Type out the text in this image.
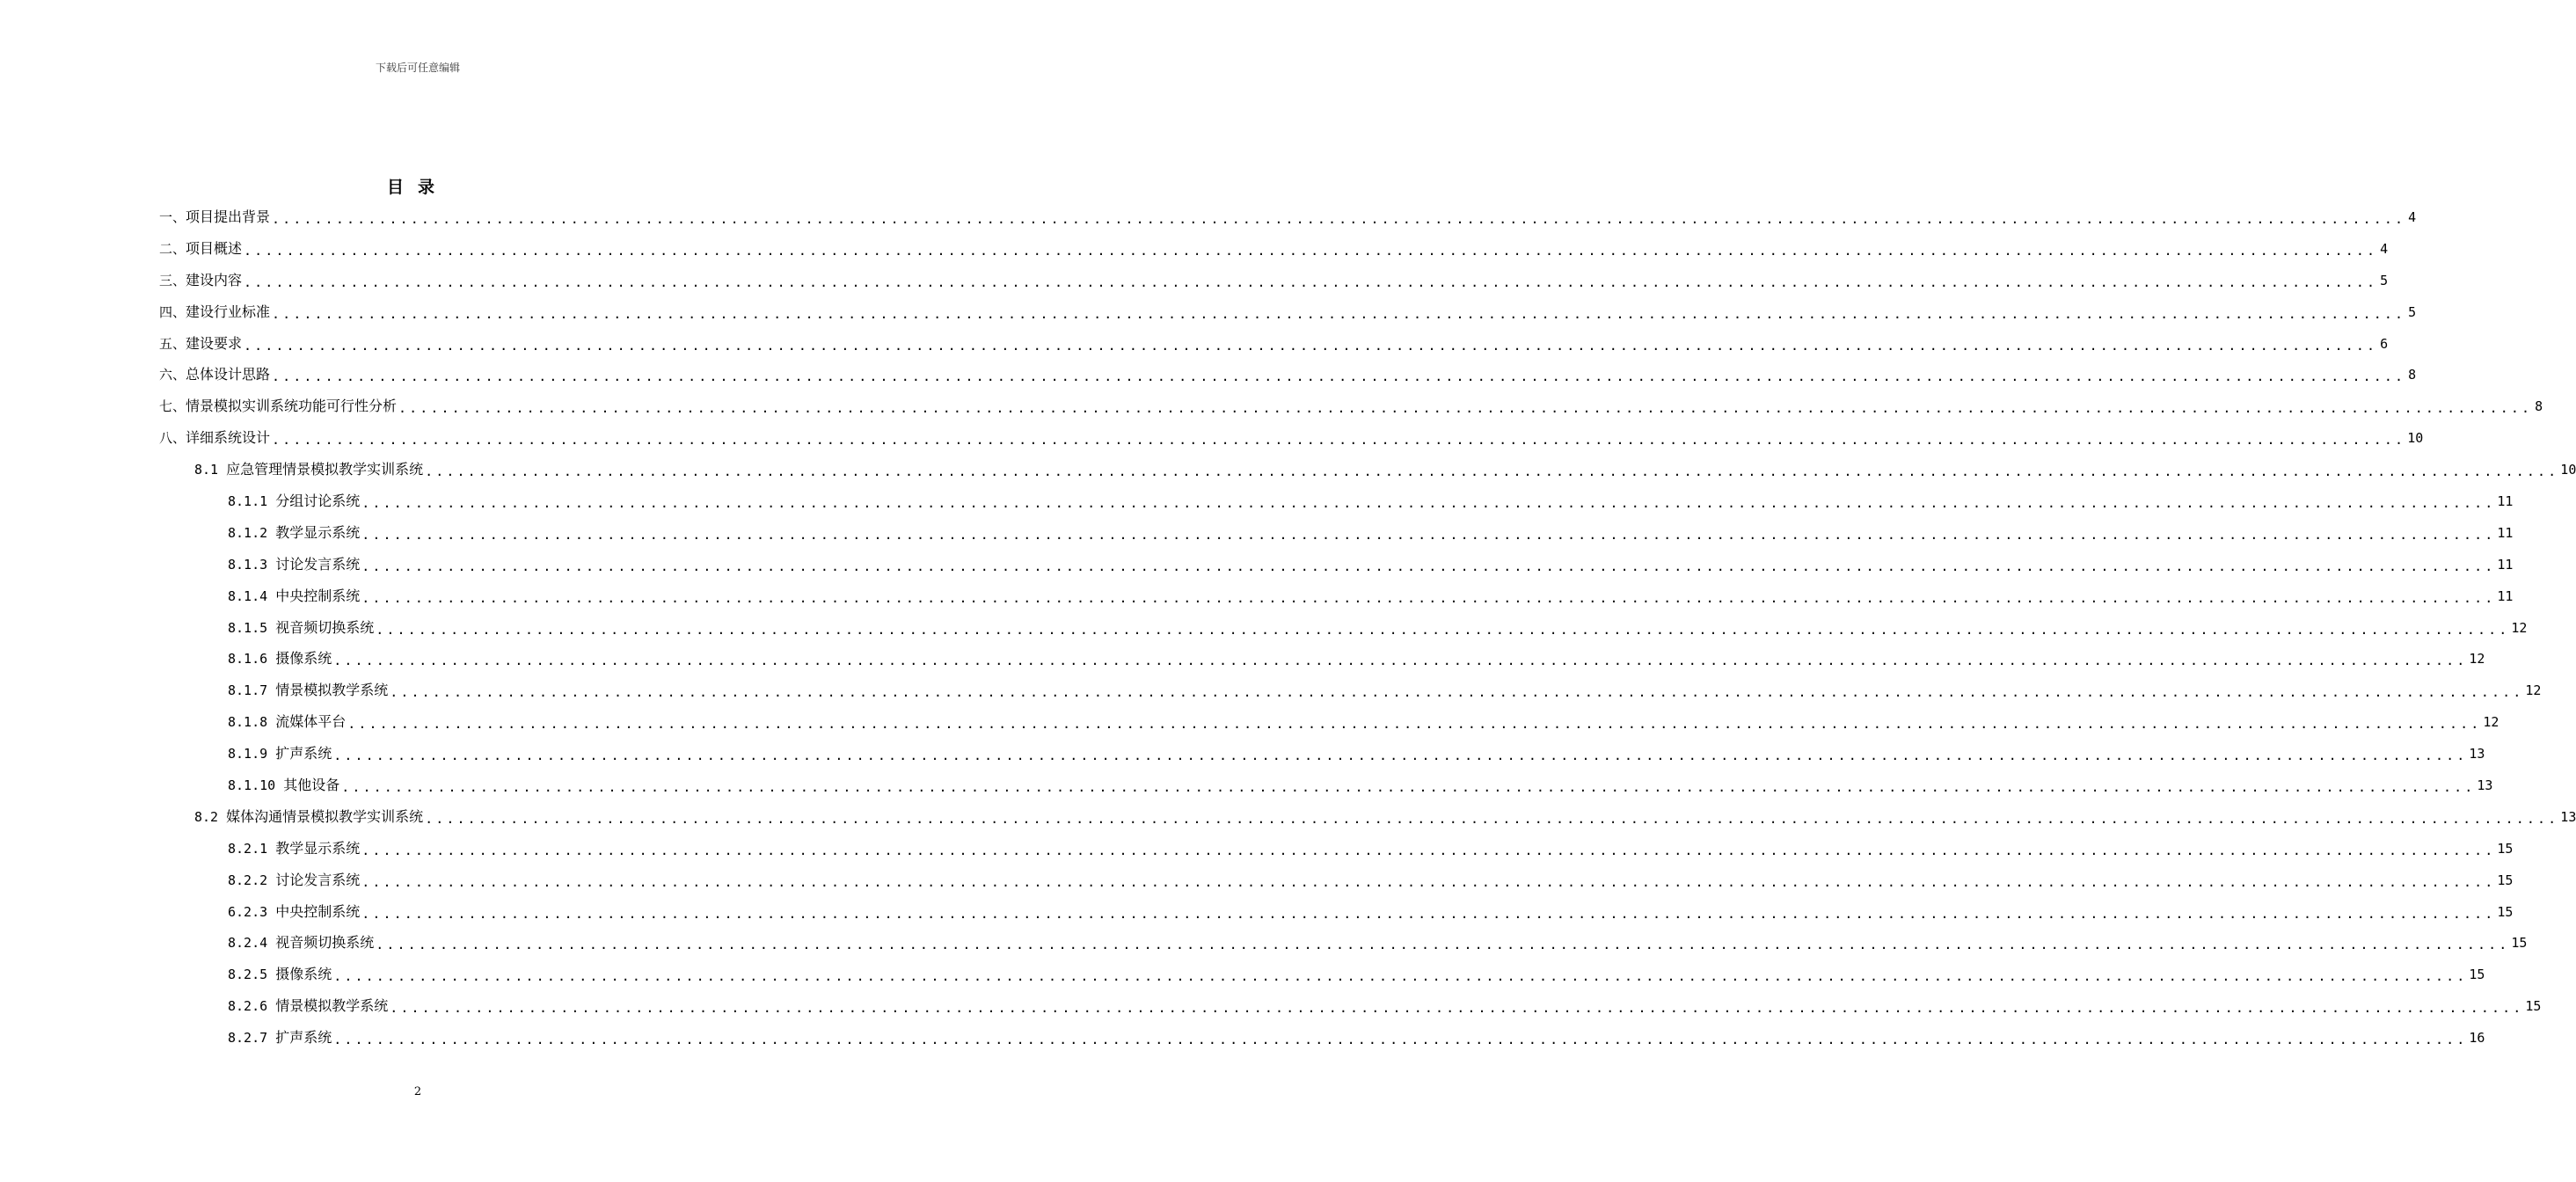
下载后可任意编辑
目录
一、 项目提出背景 ........................................................................................................................................................................................................ 4
二、 项目概述 ........................................................................................................................................................................................................ 4
三、 建设内容 ........................................................................................................................................................................................................ 5
四、 建设行业标准 ........................................................................................................................................................................................................ 5
五、 建设要求 ........................................................................................................................................................................................................ 6
六、 总体设计思路 ........................................................................................................................................................................................................ 8
七、 情景模拟实训系统功能可行性分析 ........................................................................................................................................................................................................ 8
八、 详细系统设计 ........................................................................................................................................................................................................ 10
8.1 应急管理情景模拟教学实训系统 ........................................................................................................................................................................................................ 10
8.1.1 分组讨论系统 ........................................................................................................................................................................................................ 11
8.1.2 教学显示系统 ........................................................................................................................................................................................................ 11
8.1.3 讨论发言系统 ........................................................................................................................................................................................................ 11
8.1.4 中央控制系统 ........................................................................................................................................................................................................ 11
8.1.5 视音频切换系统 ........................................................................................................................................................................................................ 12
8.1.6 摄像系统 ........................................................................................................................................................................................................ 12
8.1.7 情景模拟教学系统 ........................................................................................................................................................................................................ 12
8.1.8 流媒体平台 ........................................................................................................................................................................................................ 12
8.1.9 扩声系统 ........................................................................................................................................................................................................ 13
8.1.10 其他设备 ........................................................................................................................................................................................................ 13
8.2 媒体沟通情景模拟教学实训系统 ........................................................................................................................................................................................................ 13
8.2.1 教学显示系统 ........................................................................................................................................................................................................ 15
8.2.2 讨论发言系统 ........................................................................................................................................................................................................ 15
6.2.3 中央控制系统 ........................................................................................................................................................................................................ 15
8.2.4 视音频切换系统 ........................................................................................................................................................................................................ 15
8.2.5 摄像系统 ........................................................................................................................................................................................................ 15
8.2.6 情景模拟教学系统 ........................................................................................................................................................................................................ 15
8.2.7 扩声系统 ........................................................................................................................................................................................................ 16
2
